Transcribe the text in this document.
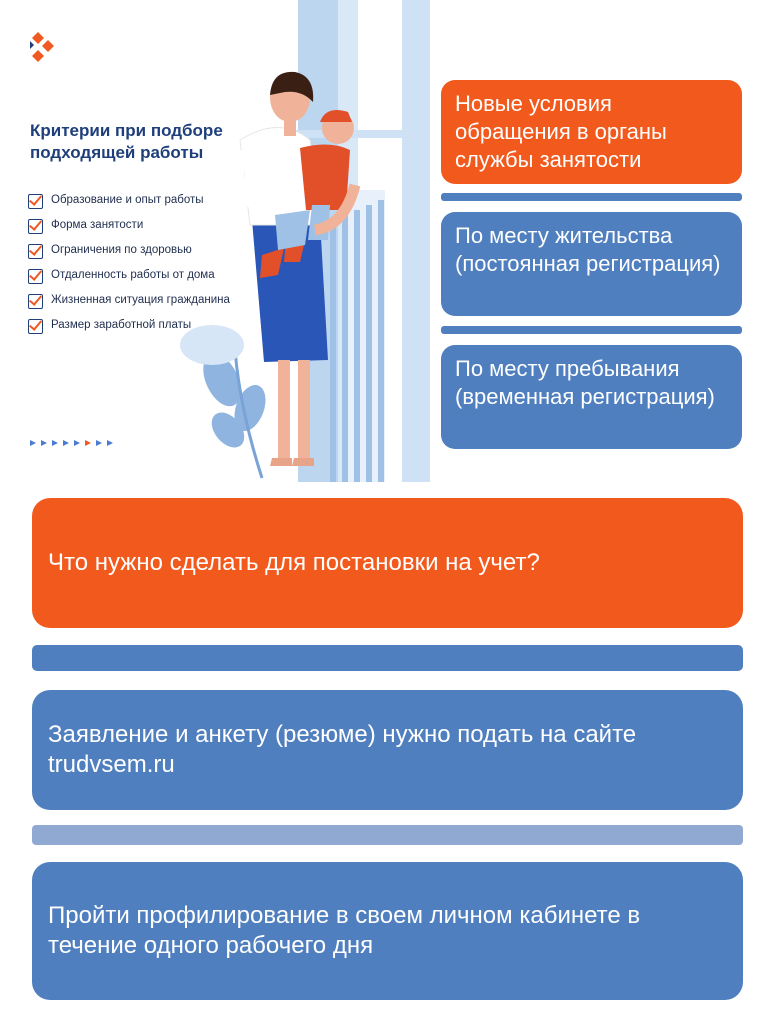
Критерии при подборе
подходящей работы
Образование и опыт работы
Форма занятости
Ограничения по здоровью
Отдаленность работы от дома
Жизненная ситуация гражданина
Размер заработной платы
Новые условия обращения в органы службы занятости
По месту жительства (постоянная регистрация)
По месту пребывания (временная регистрация)
Что нужно сделать для постановки на учет?
Заявление и анкету (резюме) нужно подать на сайте trudvsem.ru
Пройти профилирование в своем личном кабинете в течение одного рабочего дня
